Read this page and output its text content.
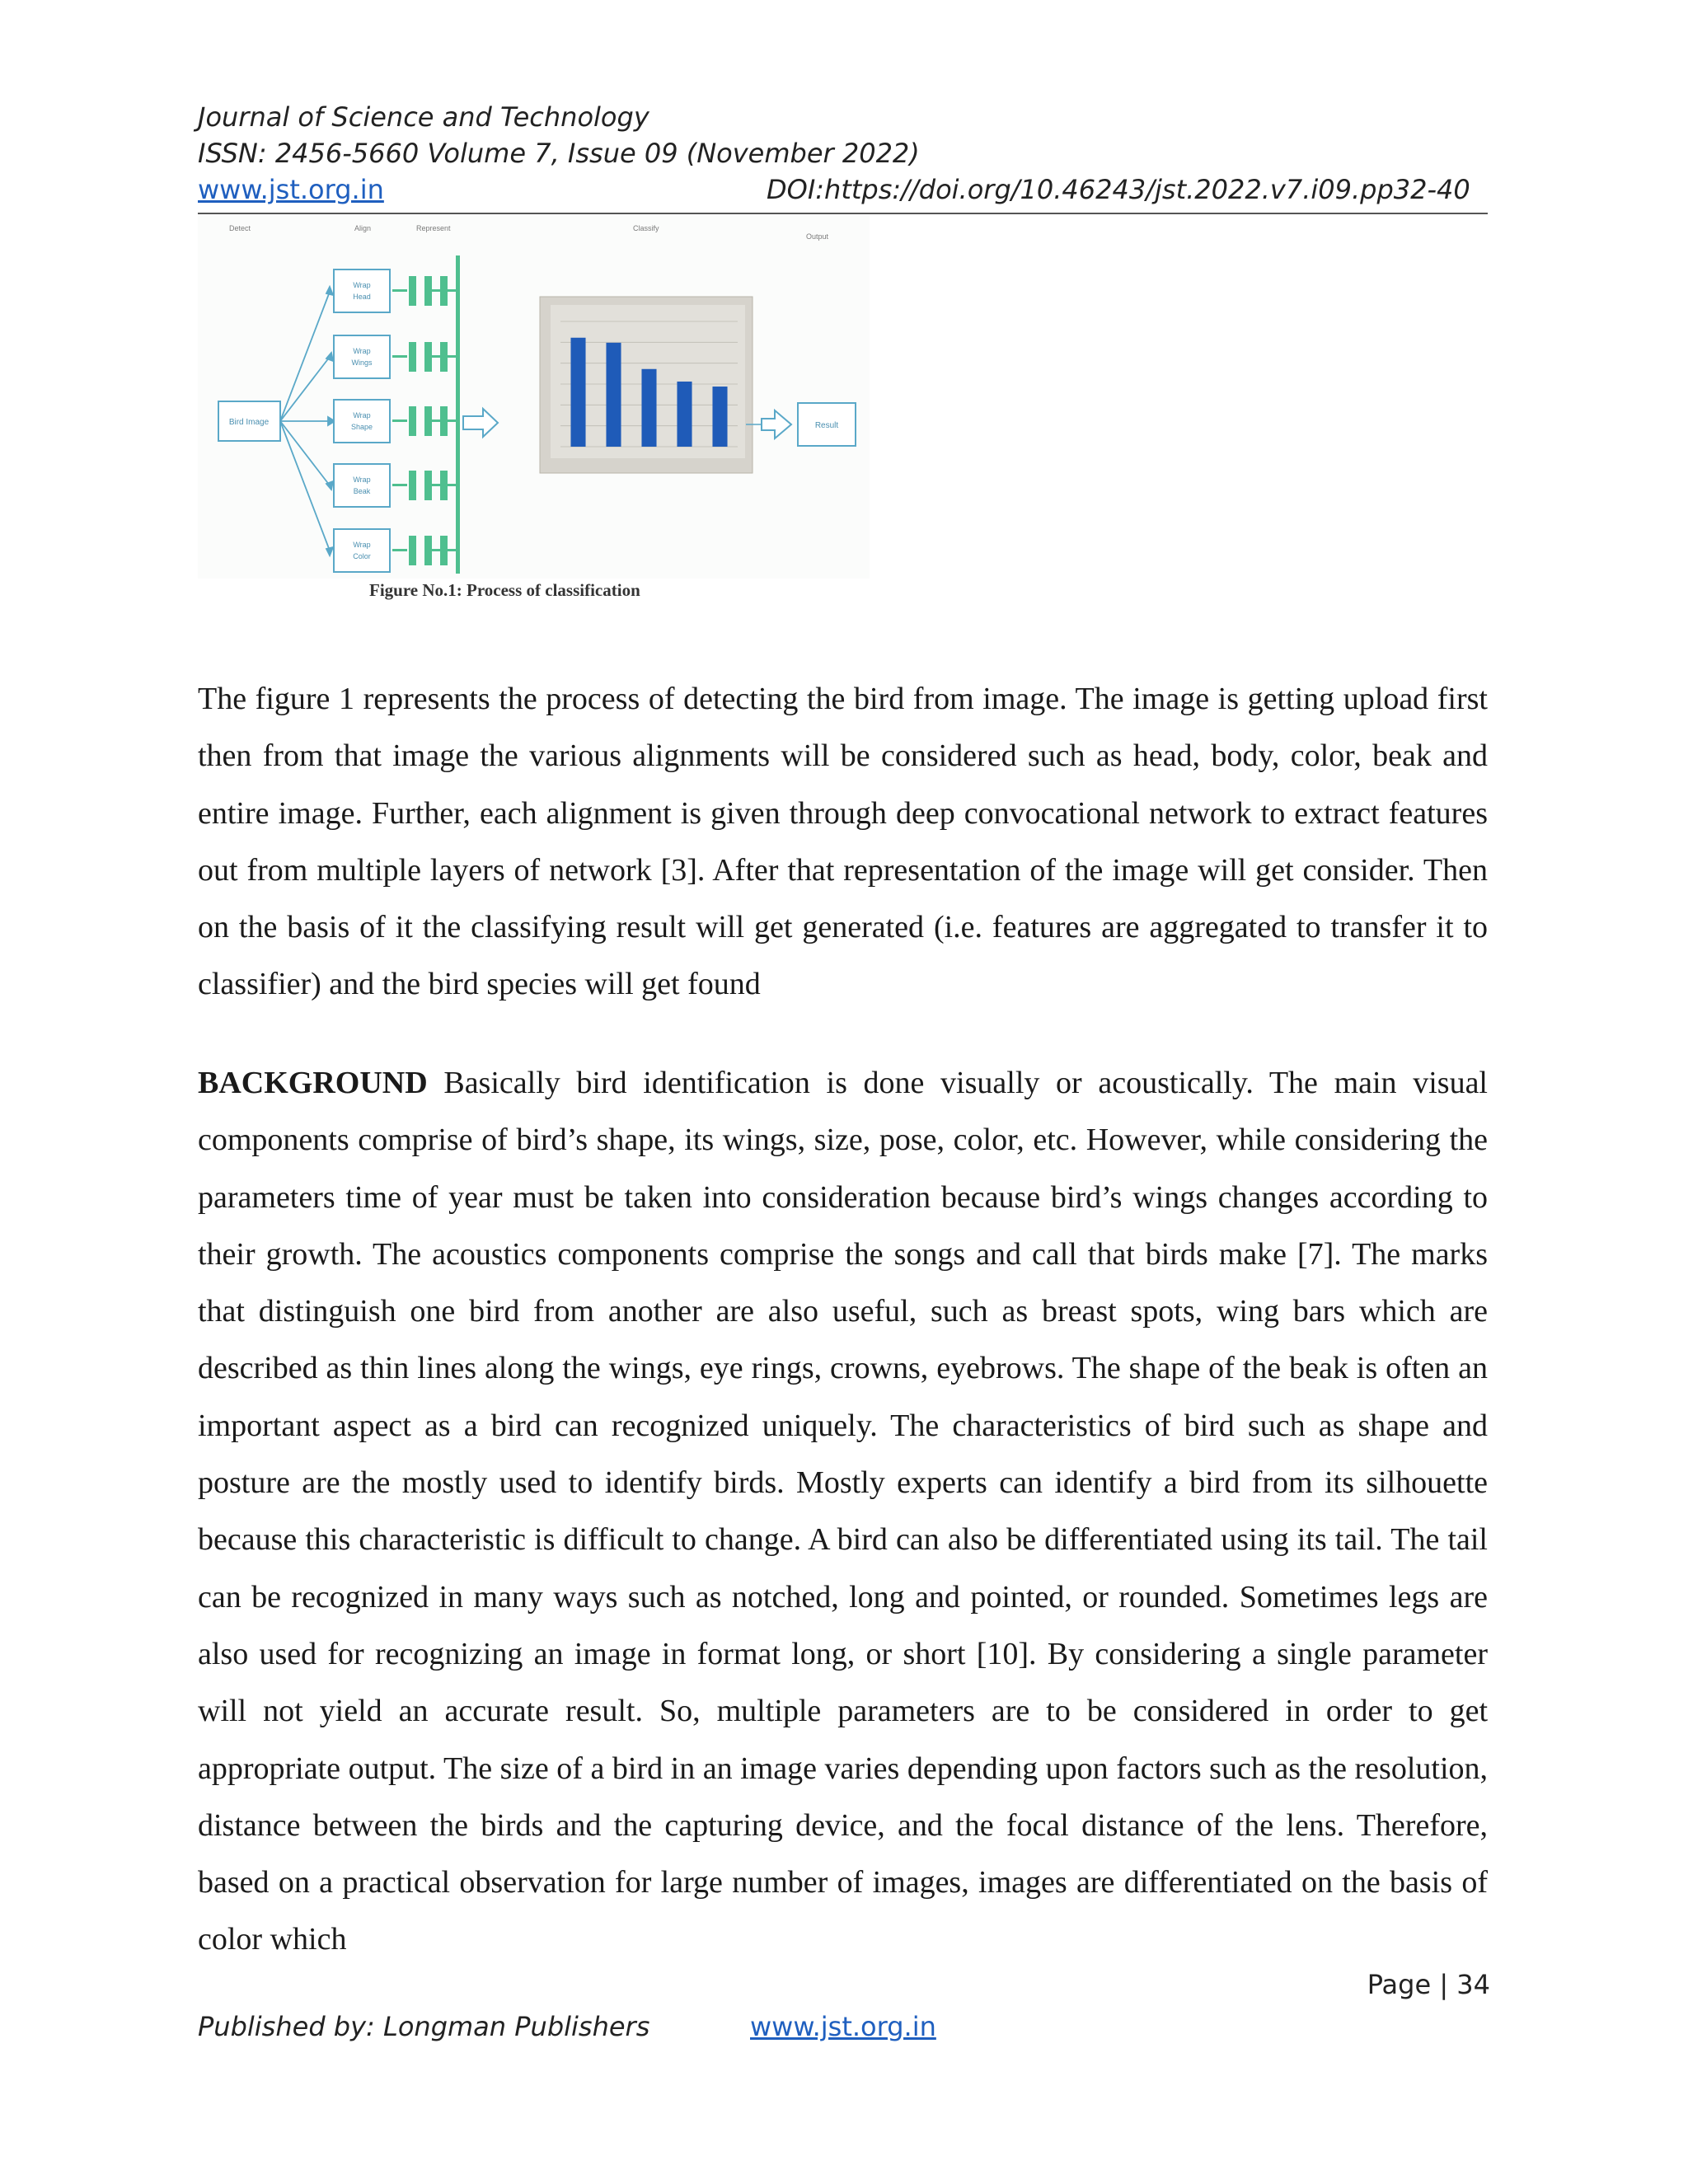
Journal of Science and Technology
ISSN: 2456-5660 Volume 7, Issue 09 (November 2022)
www.jst.org.in	DOI:https://doi.org/10.46243/jst.2022.v7.i09.pp32-40
Detect	Align	Represent	Classify
Output
Bird Image
Wrap
Head
Wrap
Wings
Wrap
Shape
Wrap
Beak
Wrap
Color
Result
Figure No.1: Process of classification

The figure 1 represents the process of detecting the bird from image. The image is getting upload first then from that image the various alignments will be considered such as head, body, color, beak and entire image. Further, each alignment is given through deep convocational network to extract features out from multiple layers of network [3]. After that representation of the image will get consider. Then on the basis of it the classifying result will get generated (i.e. features are aggregated to transfer it to classifier) and the bird species will get found

BACKGROUND Basically bird identification is done visually or acoustically. The main visual components comprise of bird’s shape, its wings, size, pose, color, etc. However, while considering the parameters time of year must be taken into consideration because bird’s wings changes according to their growth. The acoustics components comprise the songs and call that birds make [7]. The marks that distinguish one bird from another are also useful, such as breast spots, wing bars which are described as thin lines along the wings, eye rings, crowns, eyebrows. The shape of the beak is often an important aspect as a bird can recognized uniquely. The characteristics of bird such as shape and posture are the mostly used to identify birds. Mostly experts can identify a bird from its silhouette because this characteristic is difficult to change. A bird can also be differentiated using its tail. The tail can be recognized in many ways such as notched, long and pointed, or rounded. Sometimes legs are also used for recognizing an image in format long, or short [10]. By considering a single parameter will not yield an accurate result. So, multiple parameters are to be considered in order to get appropriate output. The size of a bird in an image varies depending upon factors such as the resolution, distance between the birds and the capturing device, and the focal distance of the lens. Therefore, based on a practical observation for large number of images, images are differentiated on the basis of color which

Page | 34
Published by: Longman Publishers	www.jst.org.in
